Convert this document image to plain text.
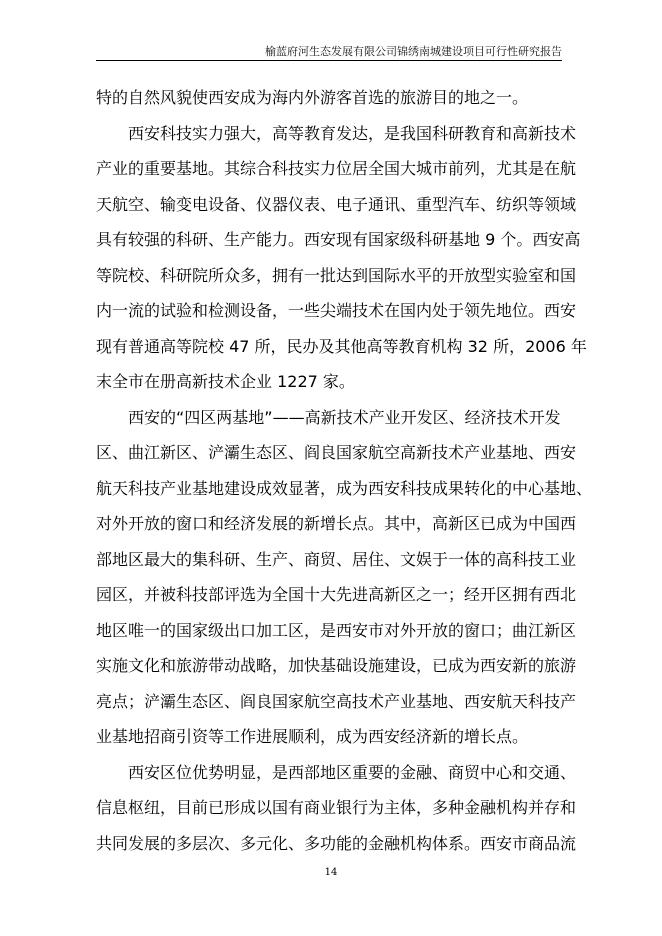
榆蓝府河生态发展有限公司锦绣南城建设项目可行性研究报告

特的自然风貌使西安成为海内外游客首选的旅游目的地之一。

　　西安科技实力强大，高等教育发达，是我国科研教育和高新技术
产业的重要基地。其综合科技实力位居全国大城市前列，尤其是在航
天航空、输变电设备、仪器仪表、电子通讯、重型汽车、纺织等领域
具有较强的科研、生产能力。西安现有国家级科研基地 9 个。西安高
等院校、科研院所众多，拥有一批达到国际水平的开放型实验室和国
内一流的试验和检测设备，一些尖端技术在国内处于领先地位。西安
现有普通高等院校 47 所，民办及其他高等教育机构 32 所，2006 年
末全市在册高新技术企业 1227 家。

　　西安的“四区两基地”——高新技术产业开发区、经济技术开发
区、曲江新区、浐灞生态区、阎良国家航空高新技术产业基地、西安
航天科技产业基地建设成效显著，成为西安科技成果转化的中心基地、
对外开放的窗口和经济发展的新增长点。其中，高新区已成为中国西
部地区最大的集科研、生产、商贸、居住、文娱于一体的高科技工业
园区，并被科技部评选为全国十大先进高新区之一；经开区拥有西北
地区唯一的国家级出口加工区，是西安市对外开放的窗口；曲江新区
实施文化和旅游带动战略，加快基础设施建设，已成为西安新的旅游
亮点；浐灞生态区、阎良国家航空高技术产业基地、西安航天科技产
业基地招商引资等工作进展顺利，成为西安经济新的增长点。

　　西安区位优势明显，是西部地区重要的金融、商贸中心和交通、
信息枢纽，目前已形成以国有商业银行为主体，多种金融机构并存和
共同发展的多层次、多元化、多功能的金融机构体系。西安市商品流

14
